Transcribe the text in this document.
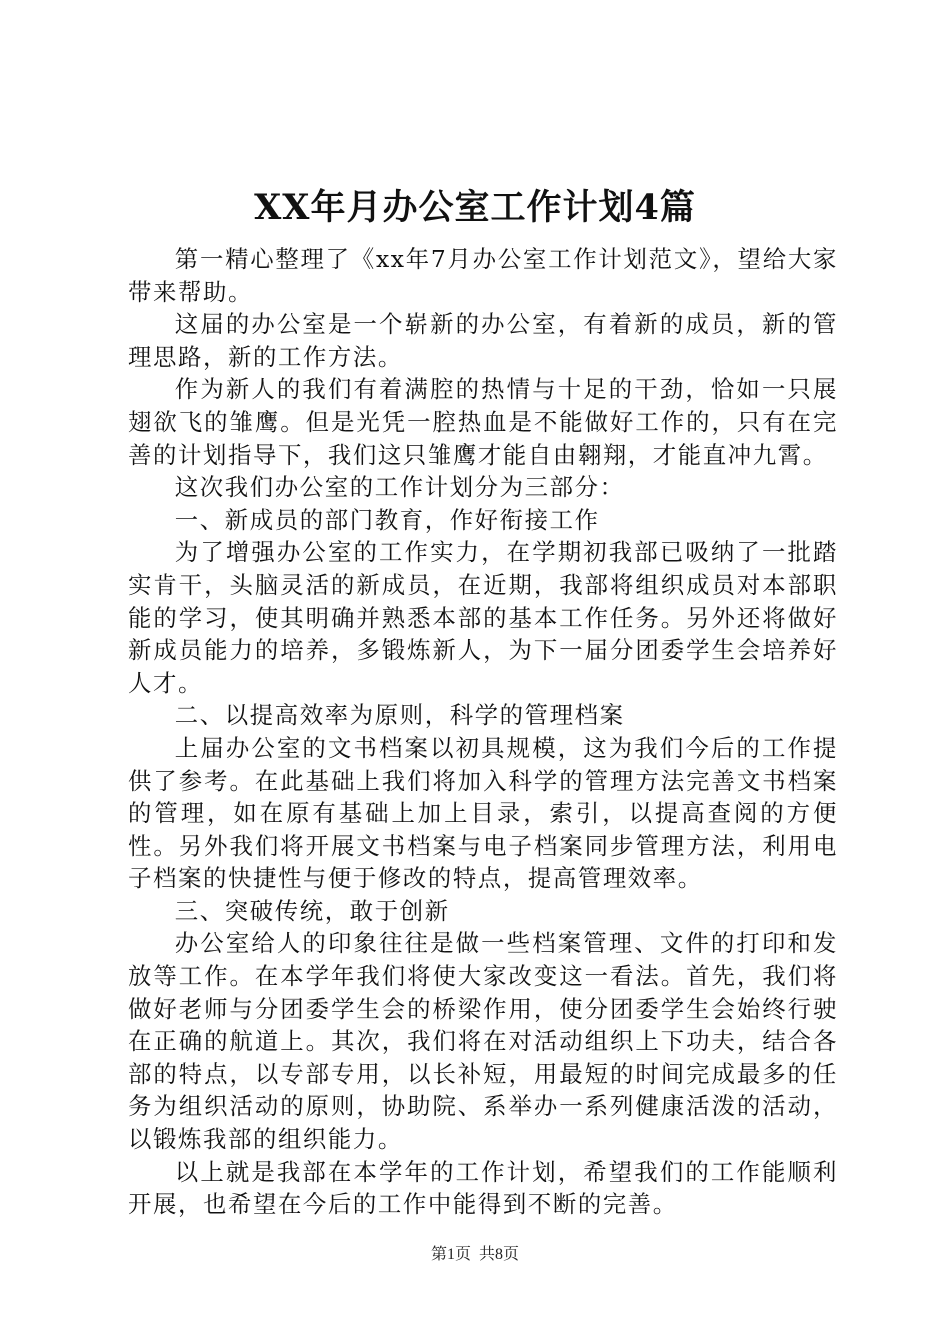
XX年月办公室工作计划4篇

第一精心整理了《xx年7月办公室工作计划范文》，望给大家带来帮助。

这届的办公室是一个崭新的办公室，有着新的成员，新的管理思路，新的工作方法。

作为新人的我们有着满腔的热情与十足的干劲，恰如一只展翅欲飞的雏鹰。但是光凭一腔热血是不能做好工作的，只有在完善的计划指导下，我们这只雏鹰才能自由翱翔，才能直冲九霄。

这次我们办公室的工作计划分为三部分：

一、新成员的部门教育，作好衔接工作

为了增强办公室的工作实力，在学期初我部已吸纳了一批踏实肯干，头脑灵活的新成员，在近期，我部将组织成员对本部职能的学习，使其明确并熟悉本部的基本工作任务。另外还将做好新成员能力的培养，多锻炼新人，为下一届分团委学生会培养好人才。

二、以提高效率为原则，科学的管理档案

上届办公室的文书档案以初具规模，这为我们今后的工作提供了参考。在此基础上我们将加入科学的管理方法完善文书档案的管理，如在原有基础上加上目录，索引，以提高查阅的方便性。另外我们将开展文书档案与电子档案同步管理方法，利用电子档案的快捷性与便于修改的特点，提高管理效率。

三、突破传统，敢于创新

办公室给人的印象往往是做一些档案管理、文件的打印和发放等工作。在本学年我们将使大家改变这一看法。首先，我们将做好老师与分团委学生会的桥梁作用，使分团委学生会始终行驶在正确的航道上。其次，我们将在对活动组织上下功夫，结合各部的特点，以专部专用，以长补短，用最短的时间完成最多的任务为组织活动的原则，协助院、系举办一系列健康活泼的活动，以锻炼我部的组织能力。

以上就是我部在本学年的工作计划，希望我们的工作能顺利开展，也希望在今后的工作中能得到不断的完善。

第1页  共8页
